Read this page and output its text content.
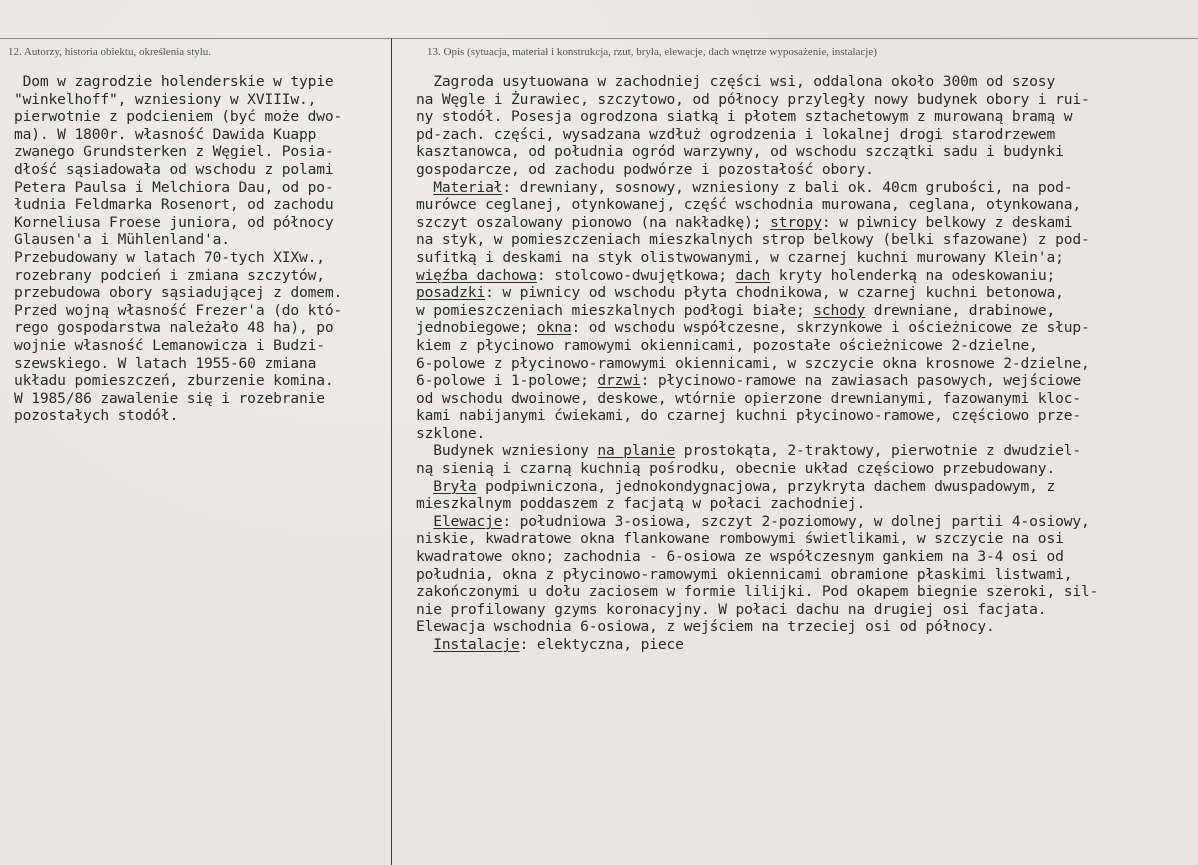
12. Autorzy, historia obiektu, określenia stylu.	13. Opis (sytuacja, materiał i konstrukcja, rzut, bryła, elewacje, dach wnętrze wyposażenie, instalacje)
Dom w zagrodzie holenderskie w typie
"winkelhoff", wzniesiony w XVIIIw.,
pierwotnie z podcieniem (być może dwo-
ma). W 1800r. własność Dawida Kuapp
zwanego Grundsterken z Węgiel. Posia-
dłość sąsiadowała od wschodu z polami
Petera Paulsa i Melchiora Dau, od po-
łudnia Feldmarka Rosenort, od zachodu
Korneliusa Froese juniora, od północy
Glausen'a i Mühlenland'a.
Przebudowany w latach 70-tych XIXw.,
rozebrany podcień i zmiana szczytów,
przebudowa obory sąsiadującej z domem.
Przed wojną własność Frezer'a (do któ-
rego gospodarstwa należało 48 ha), po
wojnie własność Lemanowicza i Budzi-
szewskiego. W latach 1955-60 zmiana
układu pomieszczeń, zburzenie komina.
W 1985/86 zawalenie się i rozebranie
pozostałych stodół.
Zagroda usytuowana w zachodniej części wsi, oddalona około 300m od szosy
na Węgle i Żurawiec, szczytowo, od północy przyległy nowy budynek obory i rui-
ny stodół. Posesja ogrodzona siatką i płotem sztachetowym z murowaną bramą w
pd-zach. części, wysadzana wzdłuż ogrodzenia i lokalnej drogi starodrzewem
kasztanowca, od południa ogród warzywny, od wschodu szczątki sadu i budynki
gospodarcze, od zachodu podwórze i pozostałość obory.
Materiał: drewniany, sosnowy, wzniesiony z bali ok. 40cm grubości, na pod-
murówce ceglanej, otynkowanej, część wschodnia murowana, ceglana, otynkowana,
szczyt oszalowany pionowo (na nakładkę); stropy: w piwnicy belkowy z deskami
na styk, w pomieszczeniach mieszkalnych strop belkowy (belki sfazowane) z pod-
sufitką i deskami na styk olistwowanymi, w czarnej kuchni murowany Klein'a;
więźba dachowa: stolcowo-dwujętkowa; dach kryty holenderką na odeskowaniu;
posadzki: w piwnicy od wschodu płyta chodnikowa, w czarnej kuchni betonowa,
w pomieszczeniach mieszkalnych podłogi białe; schody drewniane, drabinowe,
jednobiegowe; okna: od wschodu współczesne, skrzynkowe i ościeżnicowe ze słup-
kiem z płycinowo ramowymi okiennicami, pozostałe ościeżnicowe 2-dzielne,
6-polowe z płycinowo-ramowymi okiennicami, w szczycie okna krosnowe 2-dzielne,
6-polowe i 1-polowe; drzwi: płycinowo-ramowe na zawiasach pasowych, wejściowe
od wschodu dwoinowe, deskowe, wtórnie opierzone drewnianymi, fazowanymi kloc-
kami nabijanymi ćwiekami, do czarnej kuchni płycinowo-ramowe, częściowo prze-
szklone.
Budynek wzniesiony na planie prostokąta, 2-traktowy, pierwotnie z dwudziel-
ną sienią i czarną kuchnią pośrodku, obecnie układ częściowo przebudowany.
Bryła podpiwniczona, jednokondygnacjowa, przykryta dachem dwuspadowym, z
mieszkalnym poddaszem z facjatą w połaci zachodniej.
Elewacje: południowa 3-osiowa, szczyt 2-poziomowy, w dolnej partii 4-osiowy,
niskie, kwadratowe okna flankowane rombowymi świetlikami, w szczycie na osi
kwadratowe okno; zachodnia - 6-osiowa ze współczesnym gankiem na 3-4 osi od
południa, okna z płycinowo-ramowymi okiennicami obramione płaskimi listwami,
zakończonymi u dołu zaciosem w formie lilijki. Pod okapem biegnie szeroki, sil-
nie profilowany gzyms koronacyjny. W połaci dachu na drugiej osi facjata.
Elewacja wschodnia 6-osiowa, z wejściem na trzeciej osi od północy.
Instalacje: elektyczna, piece
